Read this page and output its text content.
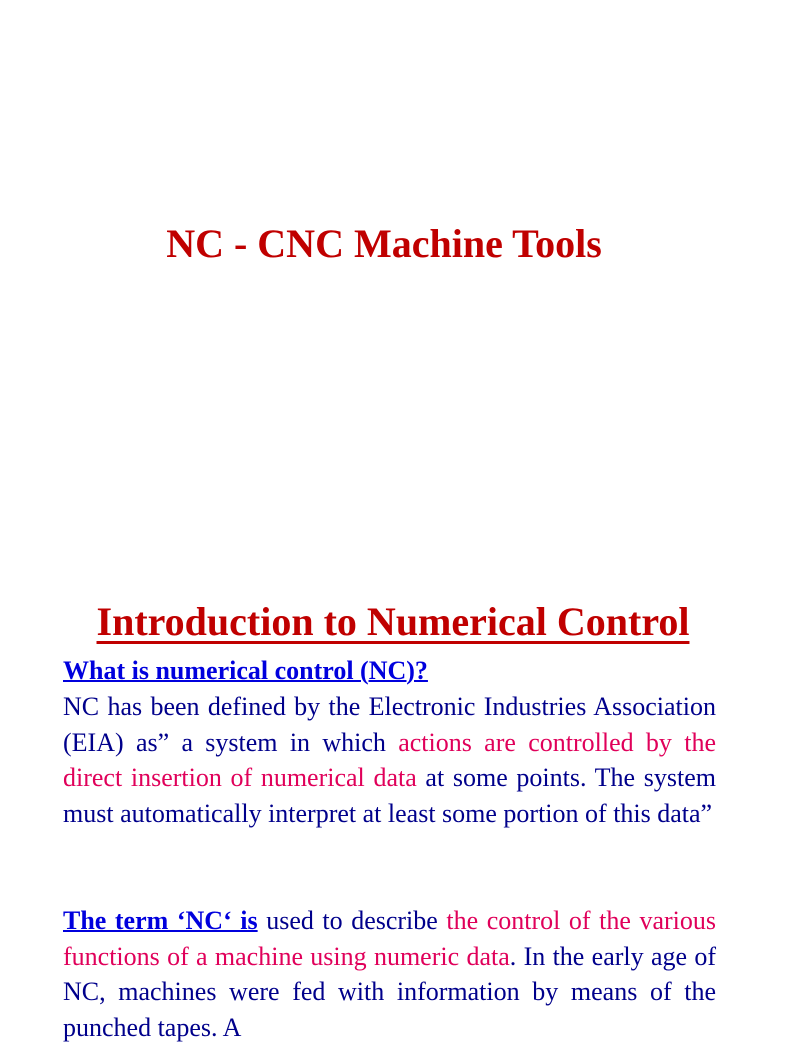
NC - CNC Machine Tools
Introduction to Numerical Control
What is numerical control (NC)?

NC has been defined by the Electronic Industries Association (EIA) as” a system in which actions are controlled by the direct insertion of numerical data at some points. The system must automatically interpret at least some portion of this data”

The term ‘NC‘ is used to describe the control of the various functions of a machine using numeric data. In the early age of NC, machines were fed with information by means of the punched tapes. A
